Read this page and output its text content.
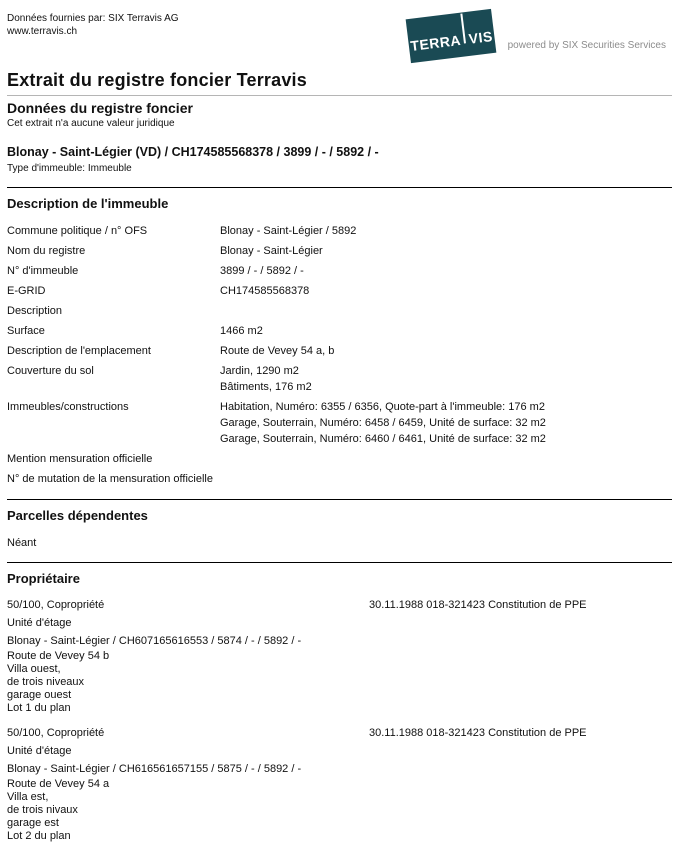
Données fournies par: SIX Terravis AG
www.terravis.ch
TERRA VIS powered by SIX Securities Services
Extrait du registre foncier Terravis
Données du registre foncier
Cet extrait n'a aucune valeur juridique
Blonay - Saint-Légier (VD) / CH174585568378 / 3899 / - / 5892 / -
Type d'immeuble: Immeuble
Description de l'immeuble
Commune politique / n° OFS	Blonay - Saint-Légier / 5892
Nom du registre	Blonay - Saint-Légier
N° d'immeuble	3899 / - / 5892 / -
E-GRID	CH174585568378
Description
Surface	1466 m2
Description de l'emplacement	Route de Vevey 54 a, b
Couverture du sol	Jardin, 1290 m2
Bâtiments, 176 m2
Immeubles/constructions	Habitation, Numéro: 6355 / 6356, Quote-part à l'immeuble: 176 m2
Garage, Souterrain, Numéro: 6458 / 6459, Unité de surface: 32 m2
Garage, Souterrain, Numéro: 6460 / 6461, Unité de surface: 32 m2
Mention mensuration officielle
N° de mutation de la mensuration officielle
Parcelles dépendentes
Néant
Propriétaire
50/100, Copropriété	30.11.1988 018-321423 Constitution de PPE
Unité d'étage
Blonay - Saint-Légier / CH607165616553 / 5874 / - / 5892 / -
Route de Vevey 54 b
Villa ouest,
de trois niveaux
garage ouest
Lot 1 du plan
50/100, Copropriété	30.11.1988 018-321423 Constitution de PPE
Unité d'étage
Blonay - Saint-Légier / CH616561657155 / 5875 / - / 5892 / -
Route de Vevey 54 a
Villa est,
de trois nivaux
garage est
Lot 2 du plan
